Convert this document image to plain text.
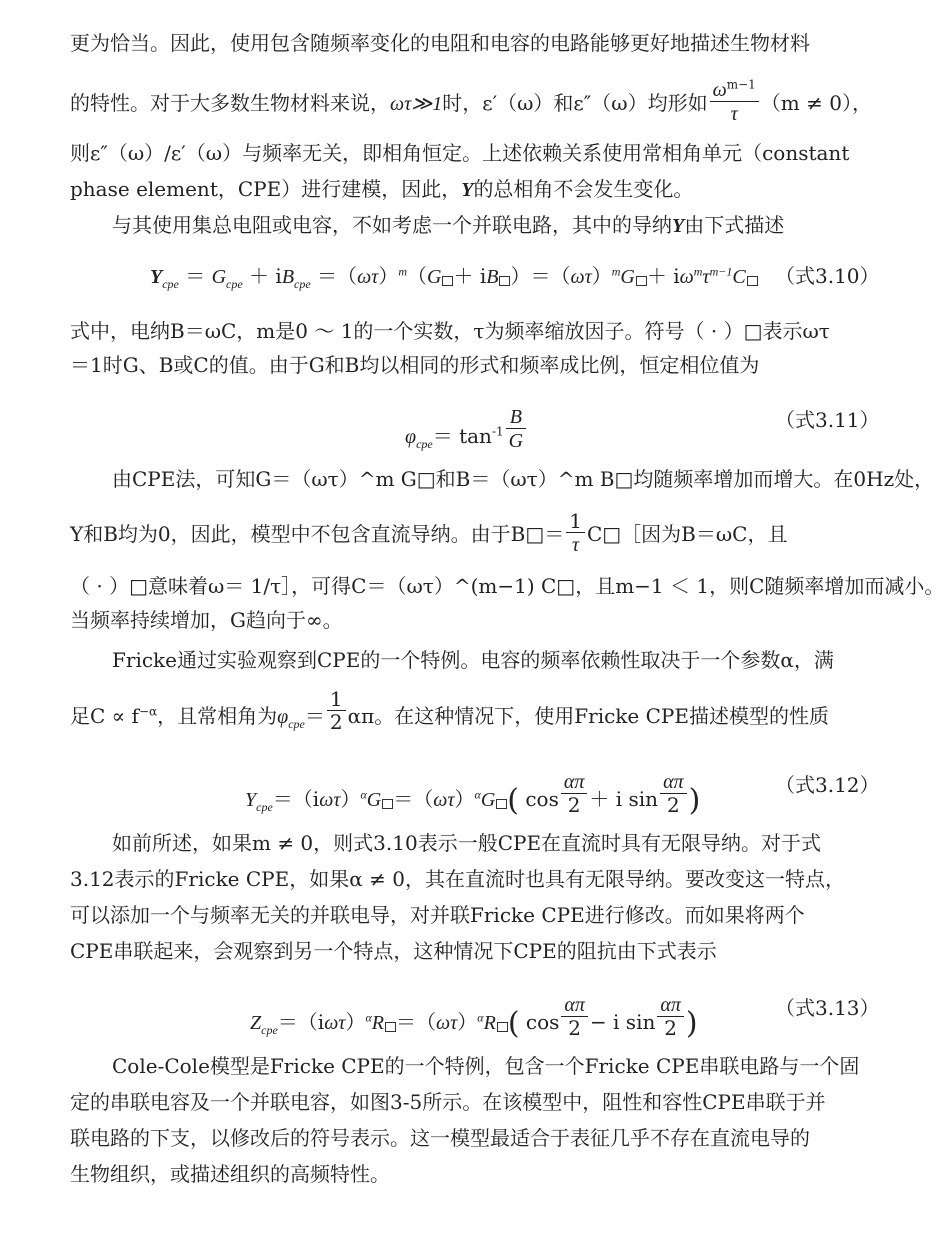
更为恰当。因此，使用包含随频率变化的电阻和电容的电路能够更好地描述生物材料
的特性。对于大多数生物材料来说，ωτ≫1时，ε′（ω）和ε″（ω）均形如 $\frac{\omega^{m-1}}{\tau} (m \ne 0)$，
则ε″（ω）/ε′（ω）与频率无关，即相角恒定。上述依赖关系使用常相角单元（constant
phase element，CPE）进行建模，因此，Y的总相角不会发生变化。
与其使用集总电阻或电容，不如考虑一个并联电路，其中的导纳Y由下式描述
$Y_{cpe} = G_{cpe} + iB_{cpe} =(\omega\tau)^m(G$ ＋ iB ）$=(\omega\tau)^mG + i\omega^m\tau^{m-1}C$	（式3.10）
式中，电纳B＝ωC，m是0 ～ 1的一个实数，τ为频率缩放因子。符号（ · ）□表示ωτ
＝1时G、B或C的值。由于G和B均以相同的形式和频率成比例，恒定相位值为
$\varphi_{cpe}= \tan^{-1} \frac{B}{G}$	（式3.11）
由CPE法，可知G＝（ωτ）^m G□和B＝（ωτ）^m B□均随频率增加而增大。在0Hz处，
Y和B均为0，因此，模型中不包含直流导纳。由于B□＝ $\frac{1}{\tau}$ C□［因为B＝ωC，且
（ · ）□意味着ω＝ 1/τ］，可得C＝（ωτ）^(m−1) C□，且m−1 ＜ 1，则C随频率增加而减小。
当频率持续增加，G趋向于∞。
Fricke通过实验观察到CPE的一个特例。电容的频率依赖性取决于一个参数α，满
足$C \propto f^{-\alpha}$，且常相角为$\varphi_{cpe}= \frac{1}{2}$ απ。在这种情况下，使用Fricke CPE描述模型的性质
$Y_{cpe}=(i\omega\tau)^\alpha G =(\omega\tau)^\alpha G$ ( $\cos \frac{\alpha\pi}{2} + i$ $\sin \frac{\alpha\pi}{2}$ )	（式3.12）
如前所述，如果m ≠ 0，则式3.10表示一般CPE在直流时具有无限导纳。对于式
3.12表示的Fricke CPE，如果α ≠ 0，其在直流时也具有无限导纳。要改变这一特点，
可以添加一个与频率无关的并联电导，对并联Fricke CPE进行修改。而如果将两个
CPE串联起来，会观察到另一个特点，这种情况下CPE的阻抗由下式表示
$Z_{cpe}=(i\omega\tau)^\alpha R =(\omega\tau)^\alpha R$ ( $\cos \frac{\alpha\pi}{2} - i$ $\sin \frac{\alpha\pi}{2}$ )	（式3.13）
Cole-Cole模型是Fricke CPE的一个特例，包含一个Fricke CPE串联电路与一个固
定的串联电容及一个并联电容，如图3-5所示。在该模型中，阻性和容性CPE串联于并
联电路的下支，以修改后的符号表示。这一模型最适合于表征几乎不存在直流电导的
生物组织，或描述组织的高频特性。
